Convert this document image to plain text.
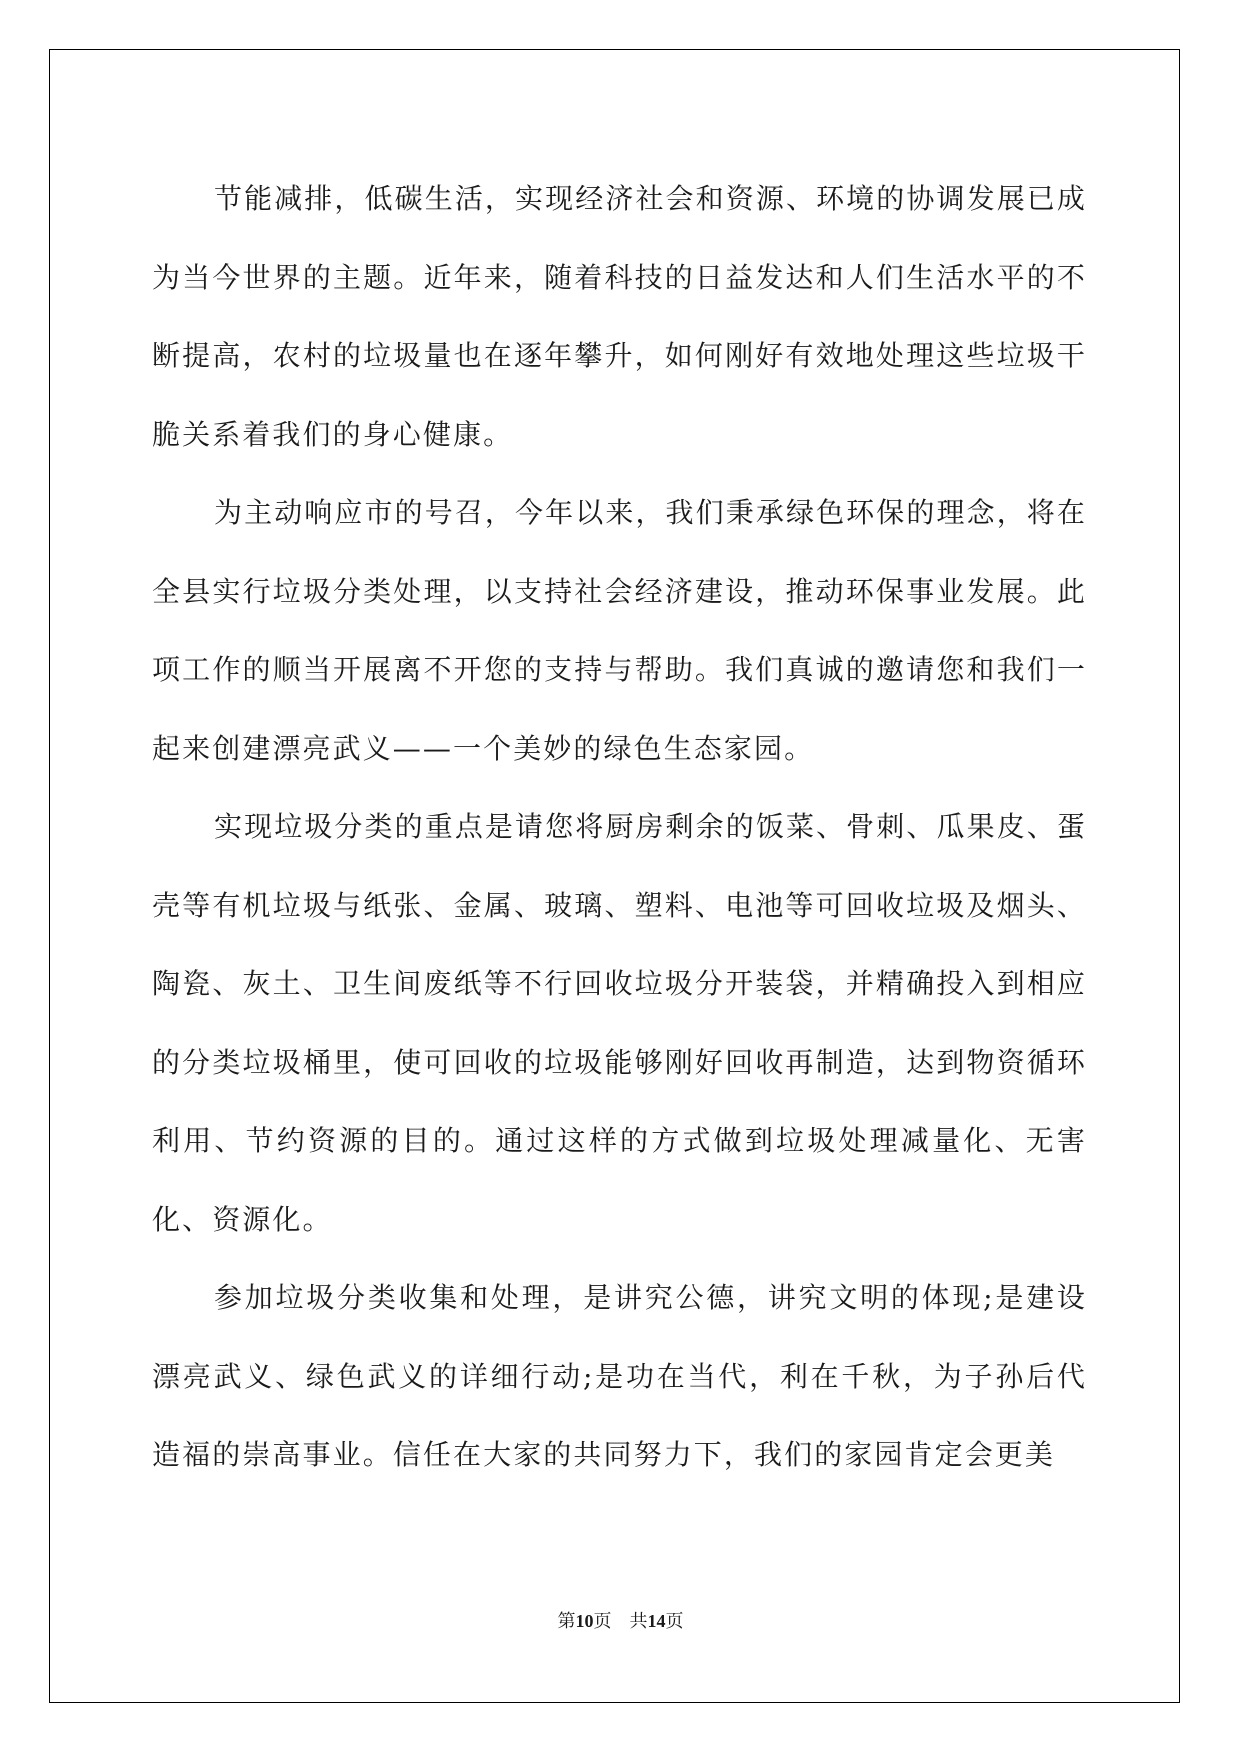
节能减排，低碳生活，实现经济社会和资源、环境的协调发展已成为当今世界的主题。近年来，随着科技的日益发达和人们生活水平的不断提高，农村的垃圾量也在逐年攀升，如何刚好有效地处理这些垃圾干脆关系着我们的身心健康。

为主动响应市的号召，今年以来，我们秉承绿色环保的理念，将在全县实行垃圾分类处理，以支持社会经济建设，推动环保事业发展。此项工作的顺当开展离不开您的支持与帮助。我们真诚的邀请您和我们一起来创建漂亮武义——一个美妙的绿色生态家园。

实现垃圾分类的重点是请您将厨房剩余的饭菜、骨刺、瓜果皮、蛋壳等有机垃圾与纸张、金属、玻璃、塑料、电池等可回收垃圾及烟头、陶瓷、灰土、卫生间废纸等不行回收垃圾分开装袋，并精确投入到相应的分类垃圾桶里，使可回收的垃圾能够刚好回收再制造，达到物资循环利用、节约资源的目的。通过这样的方式做到垃圾处理减量化、无害化、资源化。

参加垃圾分类收集和处理，是讲究公德，讲究文明的体现;是建设漂亮武义、绿色武义的详细行动;是功在当代，利在千秋，为子孙后代造福的崇高事业。信任在大家的共同努力下，我们的家园肯定会更美

第10页　共14页
